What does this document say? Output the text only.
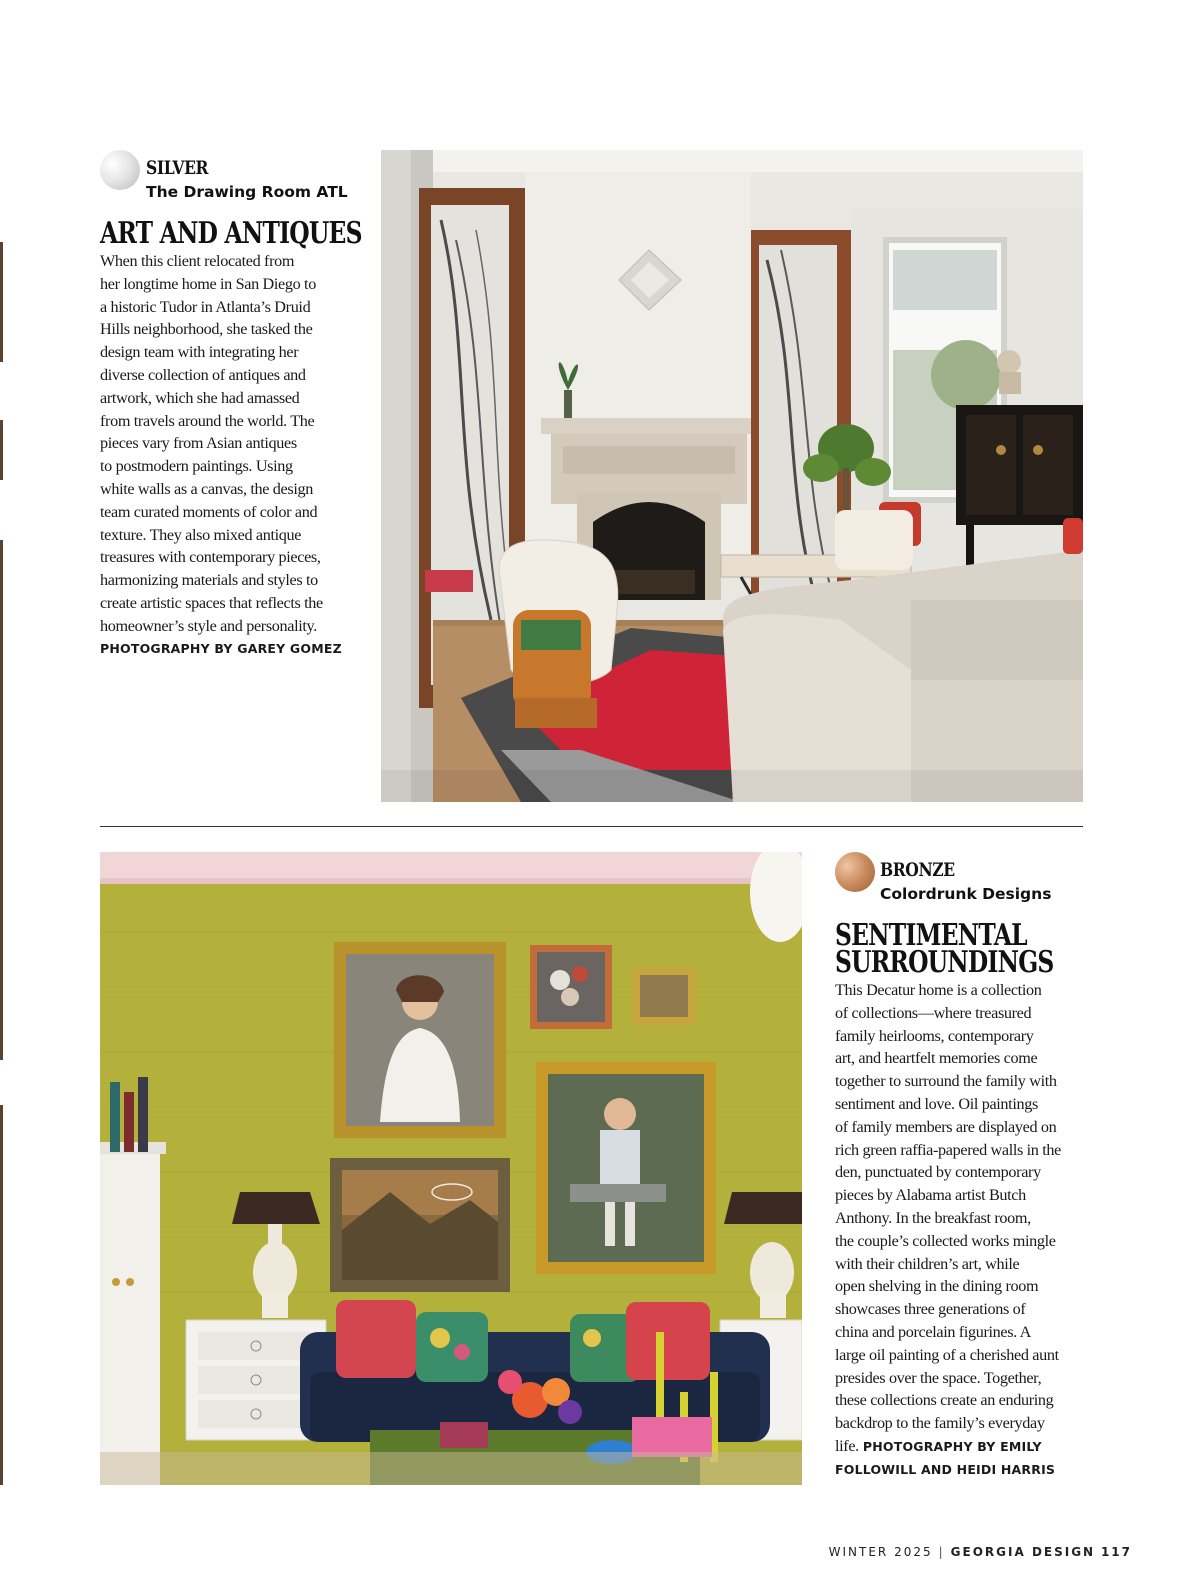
SILVER
The Drawing Room ATL
ART AND ANTIQUES
When this client relocated from
her longtime home in San Diego to
a historic Tudor in Atlanta’s Druid
Hills neighborhood, she tasked the
design team with integrating her
diverse collection of antiques and
artwork, which she had amassed
from travels around the world. The
pieces vary from Asian antiques
to postmodern paintings. Using
white walls as a canvas, the design
team curated moments of color and
texture. They also mixed antique
treasures with contemporary pieces,
harmonizing materials and styles to
create artistic spaces that reflects the
homeowner’s style and personality.
PHOTOGRAPHY BY GAREY GOMEZ
BRONZE
Colordrunk Designs
SENTIMENTAL
SURROUNDINGS
This Decatur home is a collection
of collections—where treasured
family heirlooms, contemporary
art, and heartfelt memories come
together to surround the family with
sentiment and love. Oil paintings
of family members are displayed on
rich green raffia-papered walls in the
den, punctuated by contemporary
pieces by Alabama artist Butch
Anthony. In the breakfast room,
the couple’s collected works mingle
with their children’s art, while
open shelving in the dining room
showcases three generations of
china and porcelain figurines. A
large oil painting of a cherished aunt
presides over the space. Together,
these collections create an enduring
backdrop to the family’s everyday
life. PHOTOGRAPHY BY EMILY
FOLLOWILL AND HEIDI HARRIS
WINTER 2025 | GEORGIA DESIGN 117
